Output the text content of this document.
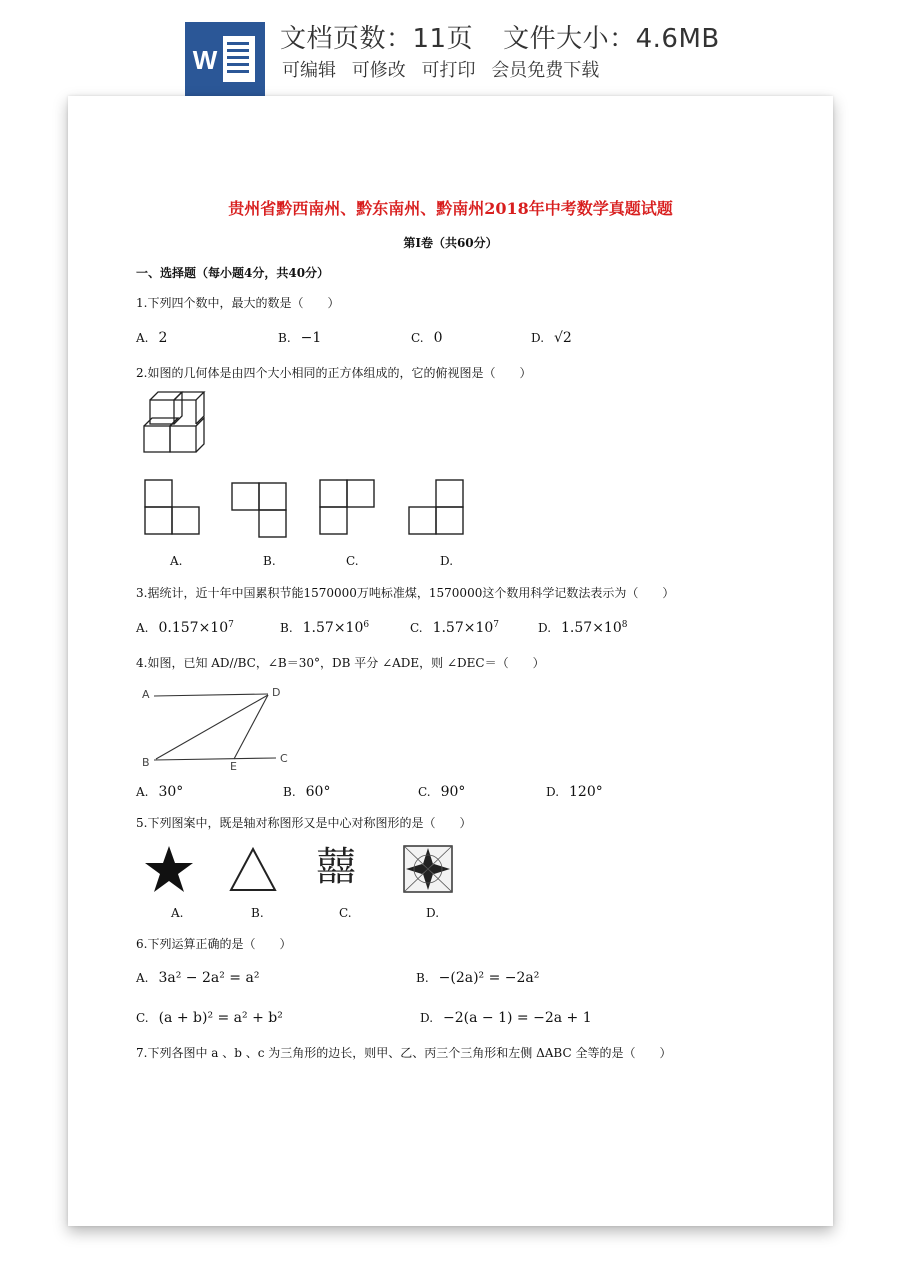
W
文档页数：11页 文件大小：4.6MB
可编辑 可修改 可打印 会员免费下载
贵州省黔西南州、黔东南州、黔南州2018年中考数学真题试题
第Ⅰ卷（共60分）
一、选择题（每小题4分，共40分）
1.下列四个数中，最大的数是（　　）
A. 2	B. −1	C. 0	D. √2
2.如图的几何体是由四个大小相同的正方体组成的，它的俯视图是（　　）
A.	B.	C.	D.
3.据统计，近十年中国累积节能1570000万吨标准煤，1570000这个数用科学记数法表示为（　　）
A. $0.157\times 10^7$	B. $1.57\times 10^6$	C. $1.57\times 10^7$	D. $1.57\times 10^8$
4.如图，已知 AD//BC，∠B＝30°，DB 平分 ∠ADE，则 ∠DEC＝（　　）
A	D
B	E
C
A. 30°	B. 60°	C. 90°	D. 120°
5.下列图案中，既是轴对称图形又是中心对称图形的是（　　）
囍
A.	B.	C.	D.
6.下列运算正确的是（　　）
A. 3a² − 2a² = a²	B. −(2a)² = −2a²
C. (a + b)² = a² + b²	D. −2(a − 1) = −2a + 1
7.下列各图中 a 、b 、c 为三角形的边长，则甲、乙、丙三个三角形和左侧 ΔABC 全等的是（　　）
